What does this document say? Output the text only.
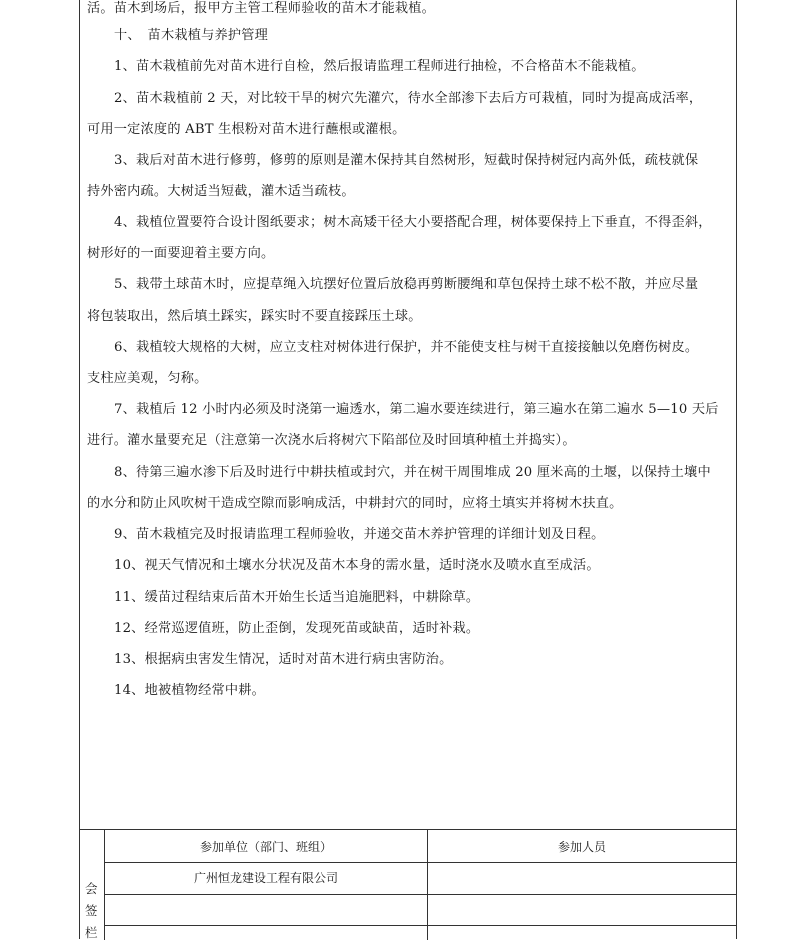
活。苗木到场后，报甲方主管工程师验收的苗木才能栽植。
十、　苗木栽植与养护管理
1、苗木栽植前先对苗木进行自检，然后报请监理工程师进行抽检，不合格苗木不能栽植。
2、苗木栽植前 2 天，对比较干旱的树穴先灌穴，待水全部渗下去后方可栽植，同时为提高成活率，
可用一定浓度的 ABT 生根粉对苗木进行蘸根或灌根。
3、栽后对苗木进行修剪，修剪的原则是灌木保持其自然树形，短截时保持树冠内高外低，疏枝就保
持外密内疏。大树适当短截，灌木适当疏枝。
4、栽植位置要符合设计图纸要求；树木高矮干径大小要搭配合理，树体要保持上下垂直，不得歪斜，
树形好的一面要迎着主要方向。
5、栽带土球苗木时，应提草绳入坑摆好位置后放稳再剪断腰绳和草包保持土球不松不散，并应尽量
将包装取出，然后填土踩实，踩实时不要直接踩压土球。
6、栽植较大规格的大树，应立支柱对树体进行保护，并不能使支柱与树干直接接触以免磨伤树皮。
支柱应美观，匀称。
7、栽植后 12 小时内必须及时浇第一遍透水，第二遍水要连续进行，第三遍水在第二遍水 5—10 天后
进行。灌水量要充足（注意第一次浇水后将树穴下陷部位及时回填种植土并捣实）。
8、待第三遍水渗下后及时进行中耕扶植或封穴，并在树干周围堆成 20 厘米高的土堰，以保持土壤中
的水分和防止风吹树干造成空隙而影响成活，中耕封穴的同时，应将土填实并将树木扶直。
9、苗木栽植完及时报请监理工程师验收，并递交苗木养护管理的详细计划及日程。
10、视天气情况和土壤水分状况及苗木本身的需水量，适时浇水及喷水直至成活。
11、缓苗过程结束后苗木开始生长适当追施肥料，中耕除草。
12、经常巡逻值班，防止歪倒，发现死苗或缺苗，适时补栽。
13、根据病虫害发生情况，适时对苗木进行病虫害防治。
14、地被植物经常中耕。
会
签
栏
参加单位（部门、班组）	参加人员
广州恒龙建设工程有限公司
